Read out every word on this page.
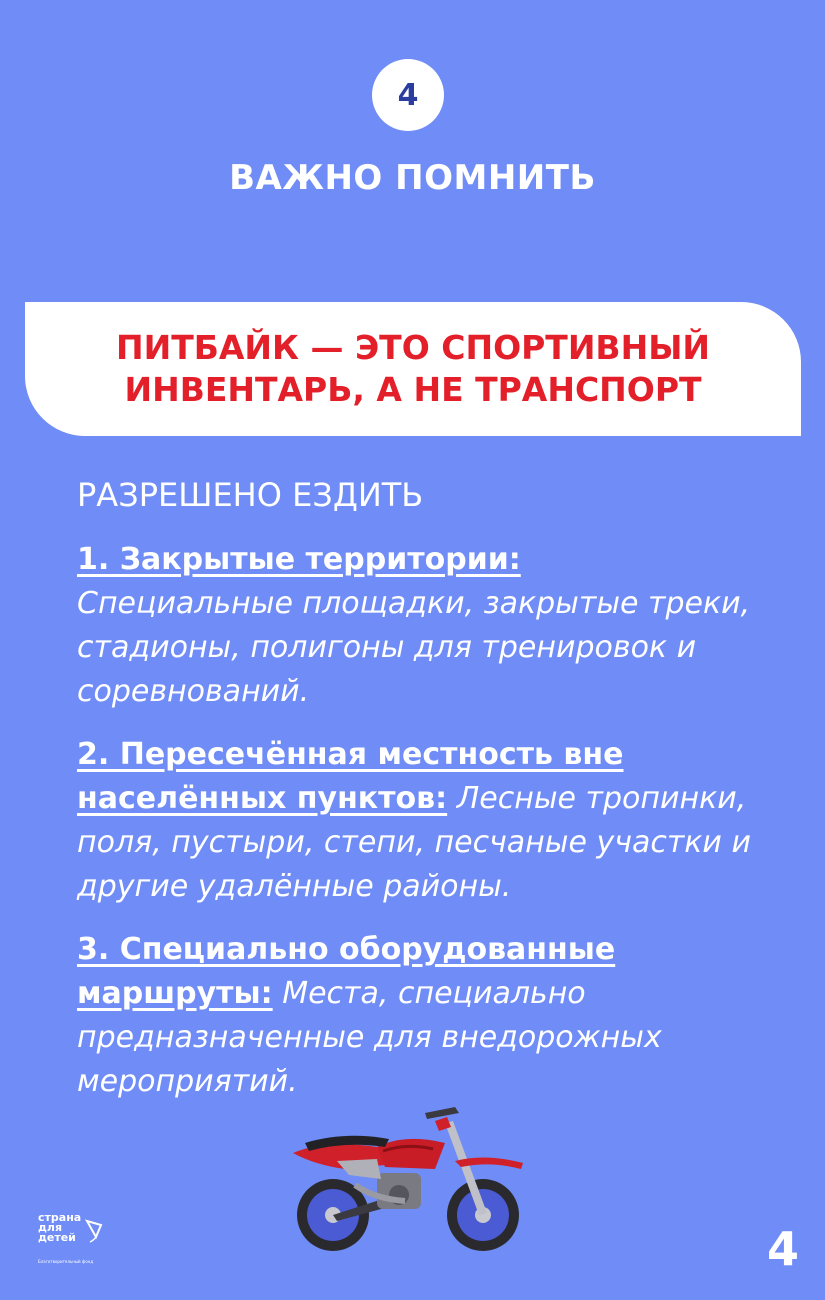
4
ВАЖНО ПОМНИТЬ
ПИТБАЙК — ЭТО СПОРТИВНЫЙ
ИНВЕНТАРЬ, А НЕ ТРАНСПОРТ
РАЗРЕШЕНО ЕЗДИТЬ
1. Закрытые территории:
Специальные площадки, закрытые треки, стадионы, полигоны для тренировок и соревнований.
2. Пересечённая местность вне населённых пунктов: Лесные тропинки, поля, пустыри, степи, песчаные участки и другие удалённые районы.
3. Специально оборудованные маршруты: Места, специально предназначенные для внедорожных мероприятий.
страна
для
детей
Благотворительный фонд	4
